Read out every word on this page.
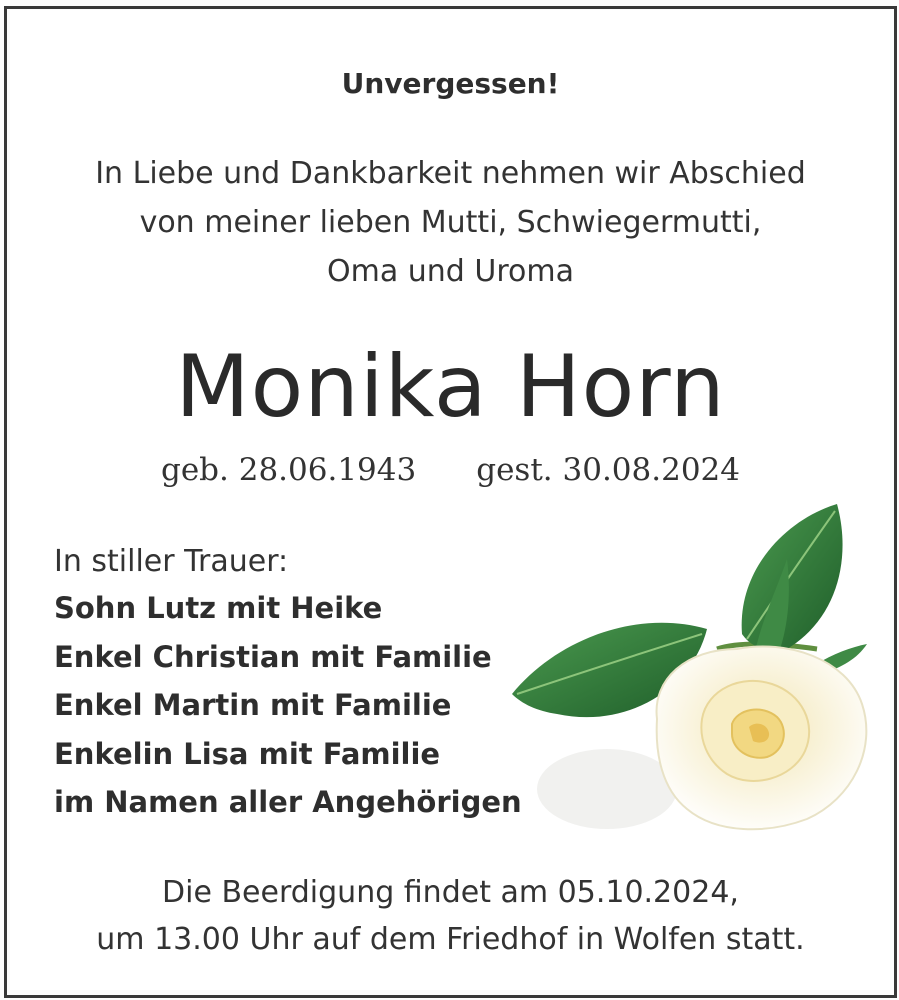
Unvergessen!
In Liebe und Dankbarkeit nehmen wir Abschied
von meiner lieben Mutti, Schwiegermutti,
Oma und Uroma
Monika Horn
geb. 28.06.1943 gest. 30.08.2024
In stiller Trauer:
Sohn Lutz mit Heike
Enkel Christian mit Familie
Enkel Martin mit Familie
Enkelin Lisa mit Familie
im Namen aller Angehörigen
Die Beerdigung findet am 05.10.2024,
um 13.00 Uhr auf dem Friedhof in Wolfen statt.
